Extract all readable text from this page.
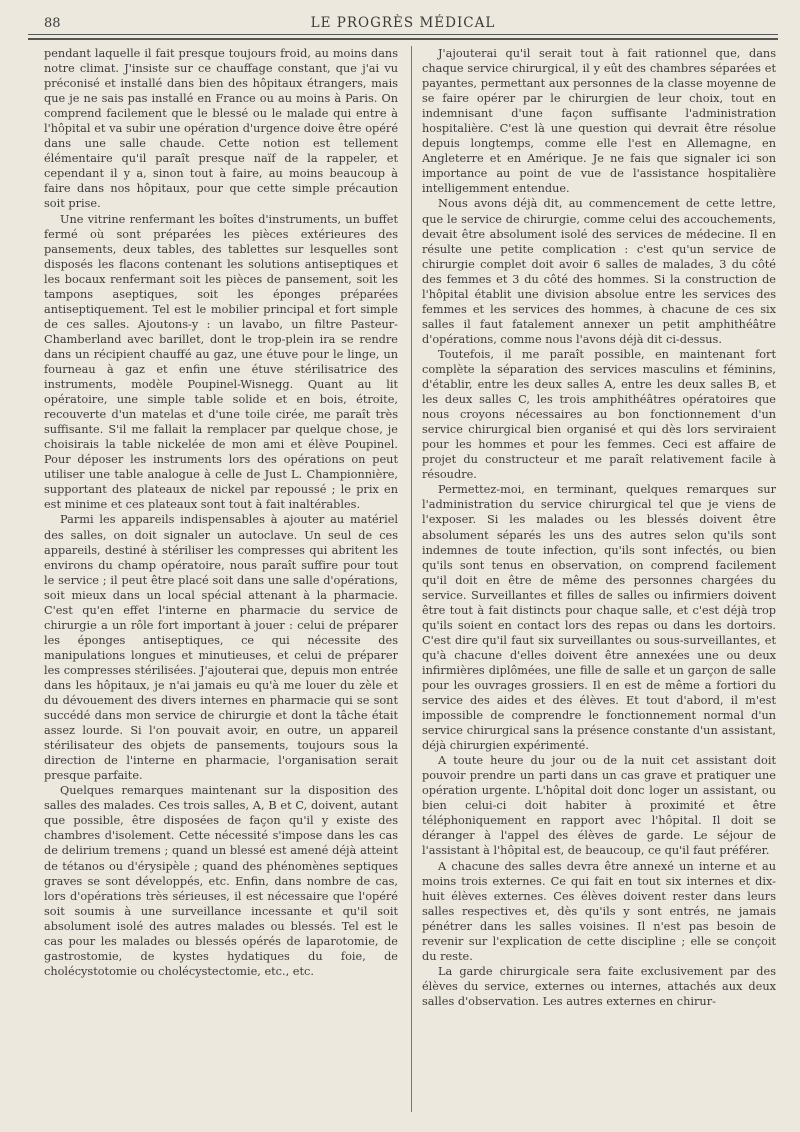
88	LE PROGRÈS MÉDICAL

pendant laquelle il fait presque toujours froid, au moins dans notre climat. J'insiste sur ce chauffage constant, que j'ai vu préconisé et installé dans bien des hôpitaux étrangers, mais que je ne sais pas installé en France ou au moins à Paris. On comprend facilement que le blessé ou le malade qui entre à l'hôpital et va subir une opération d'urgence doive être opéré dans une salle chaude. Cette notion est tellement élémentaire qu'il paraît presque naïf de la rappeler, et cependant il y a, sinon tout à faire, au moins beaucoup à faire dans nos hôpitaux, pour que cette simple précaution soit prise.

Une vitrine renfermant les boîtes d'instruments, un buffet fermé où sont préparées les pièces extérieures des pansements, deux tables, des tablettes sur lesquelles sont disposés les flacons contenant les solutions antiseptiques et les bocaux renfermant soit les pièces de pansement, soit les tampons aseptiques, soit les éponges préparées antiseptiquement. Tel est le mobilier principal et fort simple de ces salles. Ajoutons-y : un lavabo, un filtre Pasteur-Chamberland avec barillet, dont le trop-plein ira se rendre dans un récipient chauffé au gaz, une étuve pour le linge, un fourneau à gaz et enfin une étuve stérilisatrice des instruments, modèle Poupinel-Wisnegg. Quant au lit opératoire, une simple table solide et en bois, étroite, recouverte d'un matelas et d'une toile cirée, me paraît très suffisante. S'il me fallait la remplacer par quelque chose, je choisirais la table nickelée de mon ami et élève Poupinel. Pour déposer les instruments lors des opérations on peut utiliser une table analogue à celle de Just L. Championnière, supportant des plateaux de nickel par repoussé ; le prix en est minime et ces plateaux sont tout à fait inaltérables.

Parmi les appareils indispensables à ajouter au matériel des salles, on doit signaler un autoclave. Un seul de ces appareils, destiné à stériliser les compresses qui abritent les environs du champ opératoire, nous paraît suffire pour tout le service ; il peut être placé soit dans une salle d'opérations, soit mieux dans un local spécial attenant à la pharmacie. C'est qu'en effet l'interne en pharmacie du service de chirurgie a un rôle fort important à jouer : celui de préparer les éponges antiseptiques, ce qui nécessite des manipulations longues et minutieuses, et celui de préparer les compresses stérilisées. J'ajouterai que, depuis mon entrée dans les hôpitaux, je n'ai jamais eu qu'à me louer du zèle et du dévouement des divers internes en pharmacie qui se sont succédé dans mon service de chirurgie et dont la tâche était assez lourde. Si l'on pouvait avoir, en outre, un appareil stérilisateur des objets de pansements, toujours sous la direction de l'interne en pharmacie, l'organisation serait presque parfaite.

Quelques remarques maintenant sur la disposition des salles des malades. Ces trois salles, A, B et C, doivent, autant que possible, être disposées de façon qu'il y existe des chambres d'isolement. Cette nécessité s'impose dans les cas de delirium tremens ; quand un blessé est amené déjà atteint de tétanos ou d'érysipèle ; quand des phénomènes septiques graves se sont développés, etc. Enfin, dans nombre de cas, lors d'opérations très sérieuses, il est nécessaire que l'opéré soit soumis à une surveillance incessante et qu'il soit absolument isolé des autres malades ou blessés. Tel est le cas pour les malades ou blessés opérés de laparotomie, de gastrostomie, de kystes hydatiques du foie, de cholécystotomie ou cholécystectomie, etc., etc.

J'ajouterai qu'il serait tout à fait rationnel que, dans chaque service chirurgical, il y eût des chambres séparées et payantes, permettant aux personnes de la classe moyenne de se faire opérer par le chirurgien de leur choix, tout en indemnisant d'une façon suffisante l'administration hospitalière. C'est là une question qui devrait être résolue depuis longtemps, comme elle l'est en Allemagne, en Angleterre et en Amérique. Je ne fais que signaler ici son importance au point de vue de l'assistance hospitalière intelligemment entendue.

Nous avons déjà dit, au commencement de cette lettre, que le service de chirurgie, comme celui des accouchements, devait être absolument isolé des services de médecine. Il en résulte une petite complication : c'est qu'un service de chirurgie complet doit avoir 6 salles de malades, 3 du côté des femmes et 3 du côté des hommes. Si la construction de l'hôpital établit une division absolue entre les services des femmes et les services des hommes, à chacune de ces six salles il faut fatalement annexer un petit amphithéâtre d'opérations, comme nous l'avons déjà dit ci-dessus.

Toutefois, il me paraît possible, en maintenant fort complète la séparation des services masculins et féminins, d'établir, entre les deux salles A, entre les deux salles B, et les deux salles C, les trois amphithéâtres opératoires que nous croyons nécessaires au bon fonctionnement d'un service chirurgical bien organisé et qui dès lors serviraient pour les hommes et pour les femmes. Ceci est affaire de projet du constructeur et me paraît relativement facile à résoudre.

Permettez-moi, en terminant, quelques remarques sur l'administration du service chirurgical tel que je viens de l'exposer. Si les malades ou les blessés doivent être absolument séparés les uns des autres selon qu'ils sont indemnes de toute infection, qu'ils sont infectés, ou bien qu'ils sont tenus en observation, on comprend facilement qu'il doit en être de même des personnes chargées du service. Surveillantes et filles de salles ou infirmiers doivent être tout à fait distincts pour chaque salle, et c'est déjà trop qu'ils soient en contact lors des repas ou dans les dortoirs. C'est dire qu'il faut six surveillantes ou sous-surveillantes, et qu'à chacune d'elles doivent être annexées une ou deux infirmières diplômées, une fille de salle et un garçon de salle pour les ouvrages grossiers. Il en est de même a fortiori du service des aides et des élèves. Et tout d'abord, il m'est impossible de comprendre le fonctionnement normal d'un service chirurgical sans la présence constante d'un assistant, déjà chirurgien expérimenté.

A toute heure du jour ou de la nuit cet assistant doit pouvoir prendre un parti dans un cas grave et pratiquer une opération urgente. L'hôpital doit donc loger un assistant, ou bien celui-ci doit habiter à proximité et être téléphoniquement en rapport avec l'hôpital. Il doit se déranger à l'appel des élèves de garde. Le séjour de l'assistant à l'hôpital est, de beaucoup, ce qu'il faut préférer.

A chacune des salles devra être annexé un interne et au moins trois externes. Ce qui fait en tout six internes et dix-huit élèves externes. Ces élèves doivent rester dans leurs salles respectives et, dès qu'ils y sont entrés, ne jamais pénétrer dans les salles voisines. Il n'est pas besoin de revenir sur l'explication de cette discipline ; elle se conçoit du reste.

La garde chirurgicale sera faite exclusivement par des élèves du service, externes ou internes, attachés aux deux salles d'observation. Les autres externes en chirur-
